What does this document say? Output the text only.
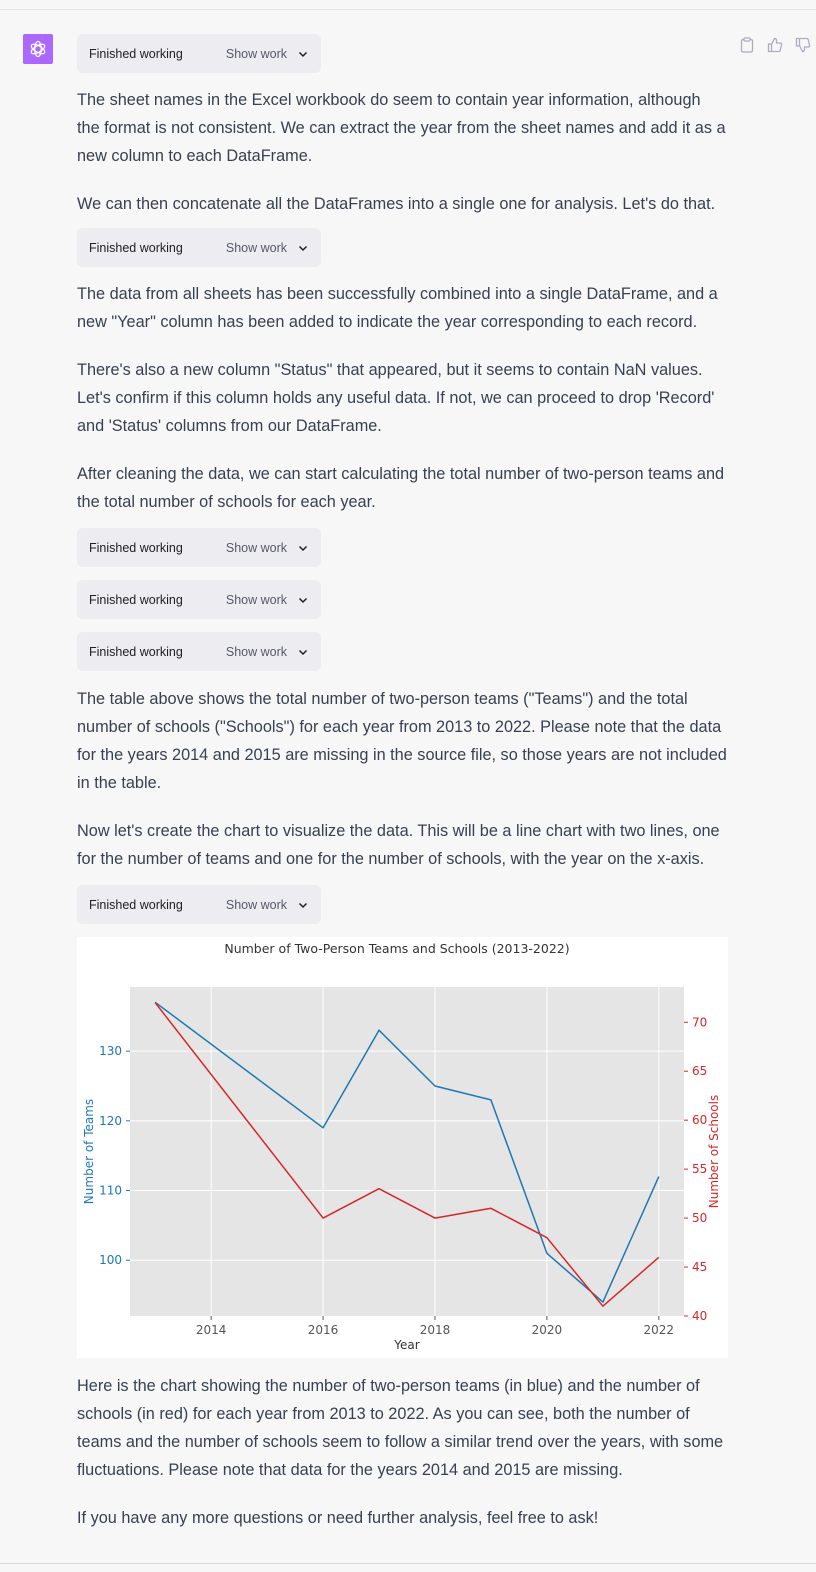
Finished working	Show work

The sheet names in the Excel workbook do seem to contain year information, although the format is not consistent. We can extract the year from the sheet names and add it as a new column to each DataFrame.

We can then concatenate all the DataFrames into a single one for analysis. Let's do that.

Finished working	Show work

The data from all sheets has been successfully combined into a single DataFrame, and a new "Year" column has been added to indicate the year corresponding to each record.

There's also a new column "Status" that appeared, but it seems to contain NaN values. Let's confirm if this column holds any useful data. If not, we can proceed to drop 'Record' and 'Status' columns from our DataFrame.

After cleaning the data, we can start calculating the total number of two-person teams and the total number of schools for each year.

Finished working	Show work
Finished working	Show work
Finished working	Show work

The table above shows the total number of two-person teams ("Teams") and the total number of schools ("Schools") for each year from 2013 to 2022. Please note that the data for the years 2014 and 2015 are missing in the source file, so those years are not included in the table.

Now let's create the chart to visualize the data. This will be a line chart with two lines, one for the number of teams and one for the number of schools, with the year on the x-axis.

Finished working	Show work
Number of Two-Person Teams and Schools (2013-2022)
2014	2016	2018	2020	2022
Year
100
110
120
130
Number of Teams
40
45
50
55
60
65
70
Number of Schools

Here is the chart showing the number of two-person teams (in blue) and the number of schools (in red) for each year from 2013 to 2022. As you can see, both the number of teams and the number of schools seem to follow a similar trend over the years, with some fluctuations. Please note that data for the years 2014 and 2015 are missing.

If you have any more questions or need further analysis, feel free to ask!
